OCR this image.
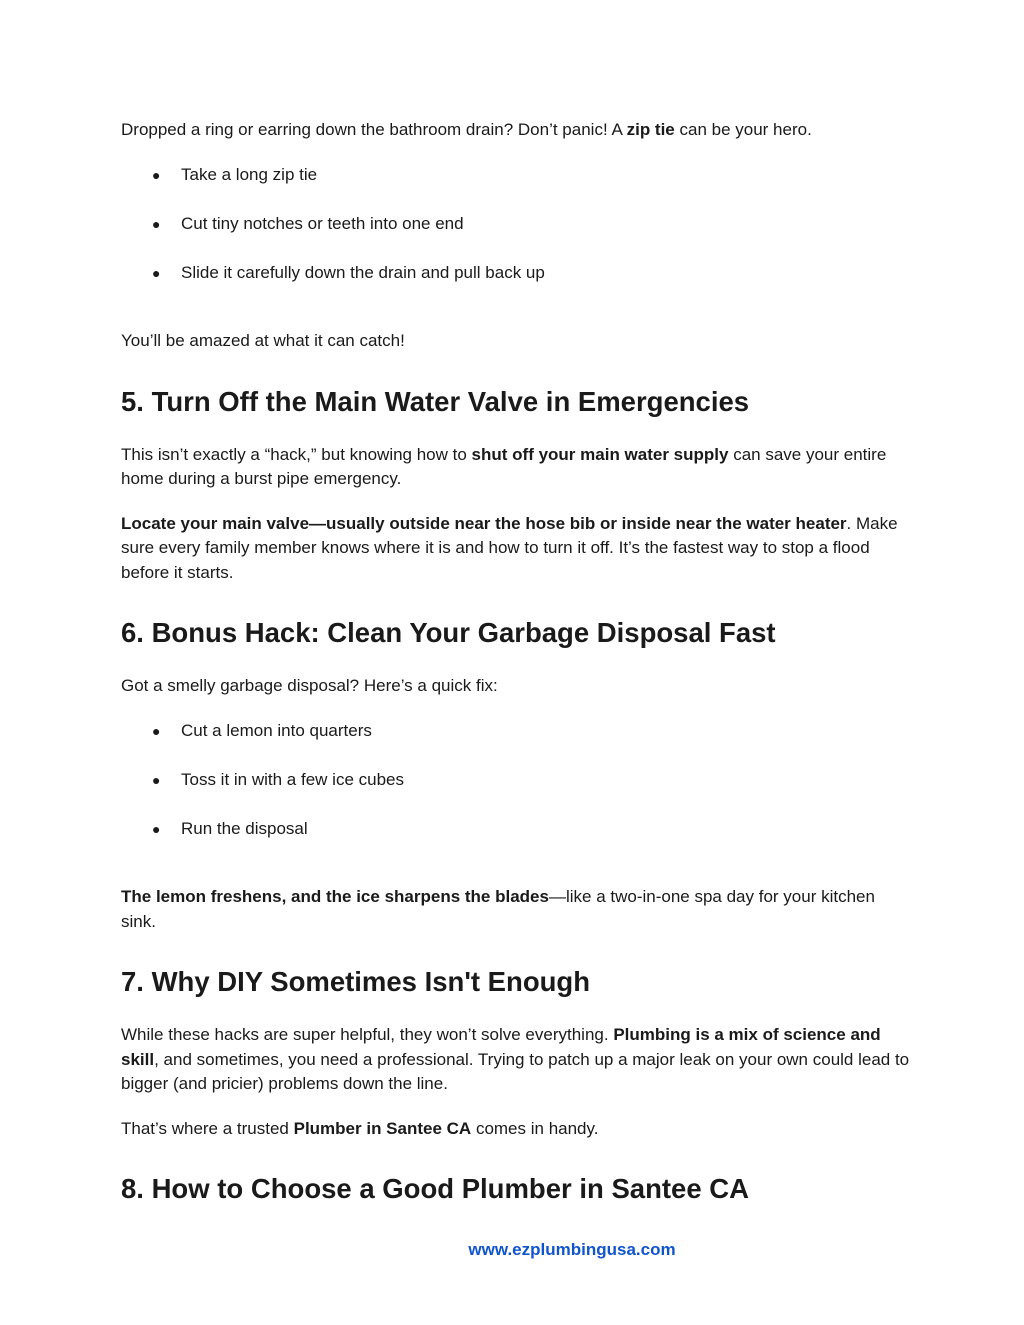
Dropped a ring or earring down the bathroom drain? Don’t panic! A zip tie can be your hero.

● Take a long zip tie
● Cut tiny notches or teeth into one end
● Slide it carefully down the drain and pull back up

You’ll be amazed at what it can catch!

5. Turn Off the Main Water Valve in Emergencies

This isn’t exactly a “hack,” but knowing how to shut off your main water supply can save your entire home during a burst pipe emergency.

Locate your main valve—usually outside near the hose bib or inside near the water heater. Make sure every family member knows where it is and how to turn it off. It’s the fastest way to stop a flood before it starts.

6. Bonus Hack: Clean Your Garbage Disposal Fast

Got a smelly garbage disposal? Here’s a quick fix:

● Cut a lemon into quarters
● Toss it in with a few ice cubes
● Run the disposal

The lemon freshens, and the ice sharpens the blades—like a two-in-one spa day for your kitchen sink.

7. Why DIY Sometimes Isn't Enough

While these hacks are super helpful, they won’t solve everything. Plumbing is a mix of science and skill, and sometimes, you need a professional. Trying to patch up a major leak on your own could lead to bigger (and pricier) problems down the line.

That’s where a trusted Plumber in Santee CA comes in handy.

8. How to Choose a Good Plumber in Santee CA
www.ezplumbingusa.com
